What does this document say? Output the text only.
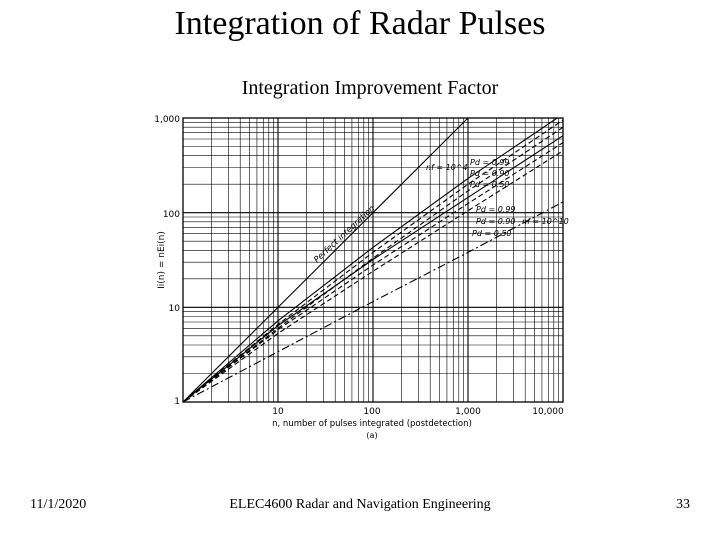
Integration of Radar Pulses
Integration Improvement Factor
1
10
100
1,000
10	100	1,000	10,000
n, number of pulses integrated (postdetection)
(a)
Ii(n) = nEi(n)	Perfect integration
Pd = 0.99
Pd = 0.90
Pd = 0.50
nf = 10^4
Pd = 0.99
Pd = 0.90 nf = 10^10
Pd = 0.50
11/1/2020	ELEC4600 Radar and Navigation Engineering	33
